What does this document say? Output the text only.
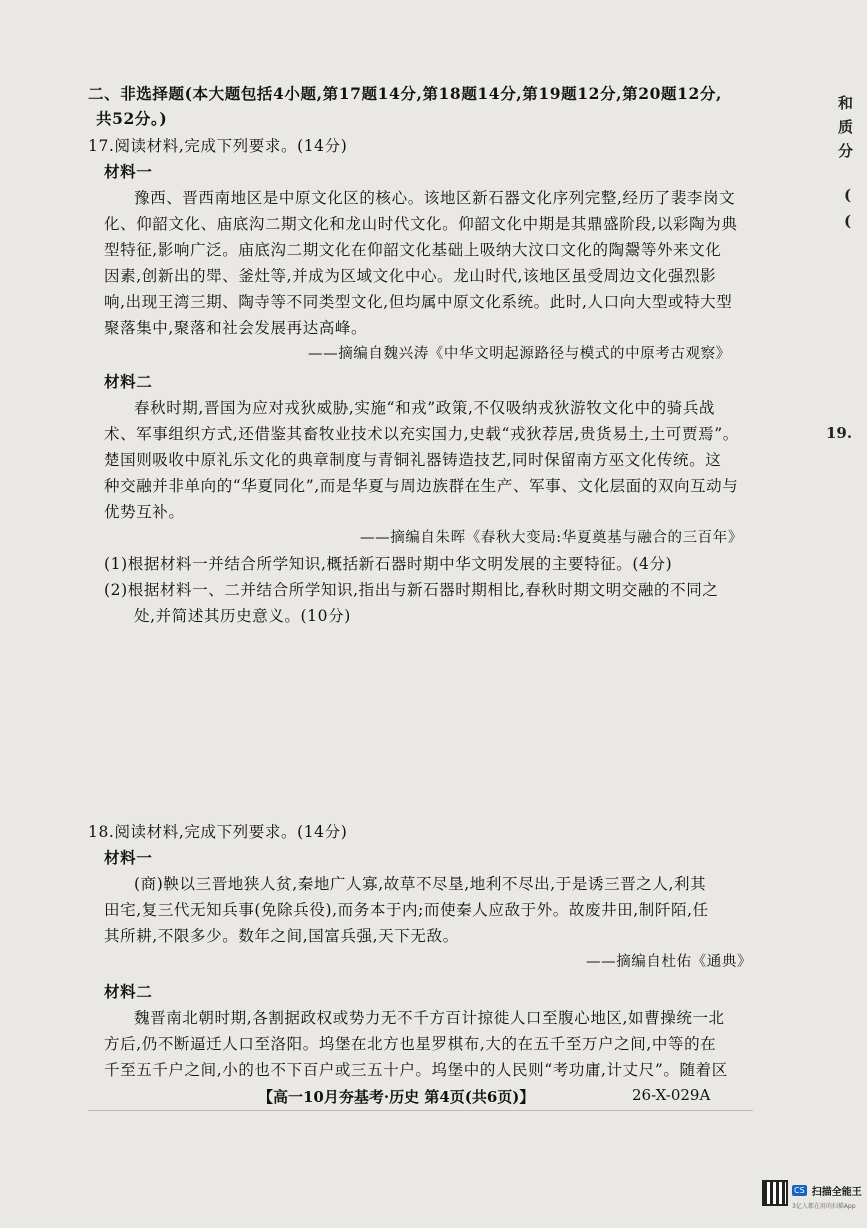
二、非选择题(本大题包括4小题,第17题14分,第18题14分,第19题12分,第20题12分,
共52分。)
17.阅读材料,完成下列要求。(14分)
材料一
豫西、晋西南地区是中原文化区的核心。该地区新石器文化序列完整,经历了裴李岗文
化、仰韶文化、庙底沟二期文化和龙山时代文化。仰韶文化中期是其鼎盛阶段,以彩陶为典
型特征,影响广泛。庙底沟二期文化在仰韶文化基础上吸纳大汶口文化的陶鬶等外来文化
因素,创新出的斝、釜灶等,并成为区域文化中心。龙山时代,该地区虽受周边文化强烈影
响,出现王湾三期、陶寺等不同类型文化,但均属中原文化系统。此时,人口向大型或特大型
聚落集中,聚落和社会发展再达高峰。
——摘编自魏兴涛《中华文明起源路径与模式的中原考古观察》
材料二
春秋时期,晋国为应对戎狄威胁,实施“和戎”政策,不仅吸纳戎狄游牧文化中的骑兵战
术、军事组织方式,还借鉴其畜牧业技术以充实国力,史载“戎狄荐居,贵货易土,土可贾焉”。
楚国则吸收中原礼乐文化的典章制度与青铜礼器铸造技艺,同时保留南方巫文化传统。这
种交融并非单向的“华夏同化”,而是华夏与周边族群在生产、军事、文化层面的双向互动与
优势互补。
——摘编自朱晖《春秋大变局:华夏奠基与融合的三百年》
(1)根据材料一并结合所学知识,概括新石器时期中华文明发展的主要特征。(4分)
(2)根据材料一、二并结合所学知识,指出与新石器时期相比,春秋时期文明交融的不同之
处,并简述其历史意义。(10分)
18.阅读材料,完成下列要求。(14分)
材料一
(商)鞅以三晋地狭人贫,秦地广人寡,故草不尽垦,地利不尽出,于是诱三晋之人,利其
田宅,复三代无知兵事(免除兵役),而务本于内;而使秦人应敌于外。故废井田,制阡陌,任
其所耕,不限多少。数年之间,国富兵强,天下无敌。
——摘编自杜佑《通典》
材料二
魏晋南北朝时期,各割据政权或势力无不千方百计掠徙人口至腹心地区,如曹操统一北
方后,仍不断逼迁人口至洛阳。坞堡在北方也星罗棋布,大的在五千至万户之间,中等的在
千至五千户之间,小的也不下百户或三五十户。坞堡中的人民则“考功庸,计丈尺”。随着区
和
质
分
(
(
19.
【高一10月夯基考·历史 第4页(共6页)】	26-X-029A
CS 扫描全能王
3亿人都在用的扫描App
